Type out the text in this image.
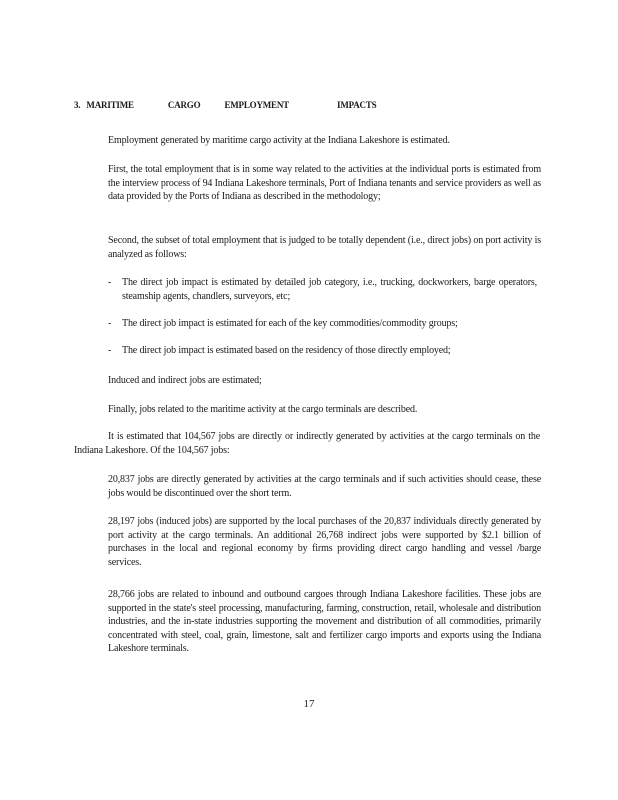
3. MARITIME	CARGO	EMPLOYMENT	IMPACTS
Employment generated by maritime cargo activity at the Indiana Lakeshore is estimated.
First, the total employment that is in some way related to the activities at the individual ports is estimated from the interview process of 94 Indiana Lakeshore terminals, Port of Indiana tenants and service providers as well as data provided by the Ports of Indiana as described in the methodology;
Second, the subset of total employment that is judged to be totally dependent (i.e., direct jobs) on port activity is analyzed as follows:
- The direct job impact is estimated by detailed job category, i.e., trucking, dockworkers, barge operators, steamship agents, chandlers, surveyors, etc;
- The direct job impact is estimated for each of the key commodities/commodity groups;
- The direct job impact is estimated based on the residency of those directly employed;
Induced and indirect jobs are estimated;
Finally, jobs related to the maritime activity at the cargo terminals are described.
It is estimated that 104,567 jobs are directly or indirectly generated by activities at the cargo terminals on the Indiana Lakeshore. Of the 104,567 jobs:
20,837 jobs are directly generated by activities at the cargo terminals and if such activities should cease, these jobs would be discontinued over the short term.
28,197 jobs (induced jobs) are supported by the local purchases of the 20,837 individuals directly generated by port activity at the cargo terminals. An additional 26,768 indirect jobs were supported by $2.1 billion of purchases in the local and regional economy by firms providing direct cargo handling and vessel /barge services.
28,766 jobs are related to inbound and outbound cargoes through Indiana Lakeshore facilities. These jobs are supported in the state's steel processing, manufacturing, farming, construction, retail, wholesale and distribution industries, and the in-state industries supporting the movement and distribution of all commodities, primarily concentrated with steel, coal, grain, limestone, salt and fertilizer cargo imports and exports using the Indiana Lakeshore terminals.
17
